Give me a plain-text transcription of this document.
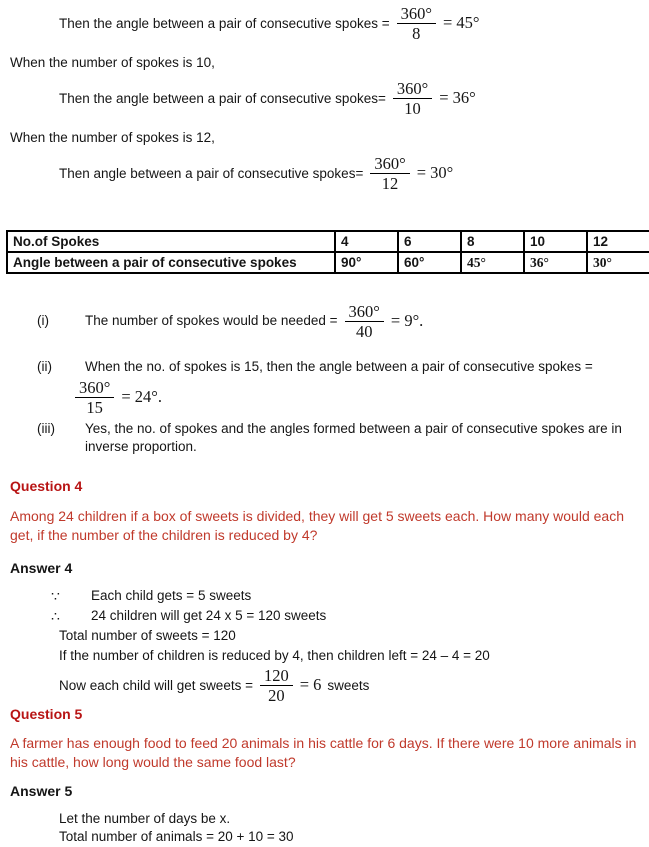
Then the angle between a pair of consecutive spokes = $\frac{360^\circ}{8} = 45^\circ$

When the number of spokes is 10,

Then the angle between a pair of consecutive spokes= $\frac{360^\circ}{10} = 36^\circ$

When the number of spokes is 12,

Then angle between a pair of consecutive spokes= $\frac{360^\circ}{12} = 30^\circ$
No.of Spokes	4	6	8	10	12
Angle between a pair of consecutive spokes	90°	60°	45°	36°	30°
(i)	The number of spokes would be needed = $\frac{360^\circ}{40} = 9^\circ$.
(ii)	When the no. of spokes is 15, then the angle between a pair of consecutive spokes =
$\frac{360^\circ}{15} = 24^\circ$.
(iii)	Yes, the no. of spokes and the angles formed between a pair of consecutive spokes are in inverse proportion.

Question 4

Among 24 children if a box of sweets is divided, they will get 5 sweets each. How many would each get, if the number of the children is reduced by 4?

Answer 4

∵	Each child gets = 5 sweets
∴	24 children will get 24 x 5 = 120 sweets
Total number of sweets = 120
If the number of children is reduced by 4, then children left = 24 – 4 = 20
Now each child will get sweets = $\frac{120}{20} = 6$ sweets

Question 5

A farmer has enough food to feed 20 animals in his cattle for 6 days. If there were 10 more animals in his cattle, how long would the same food last?

Answer 5

Let the number of days be x.
Total number of animals = 20 + 10 = 30
